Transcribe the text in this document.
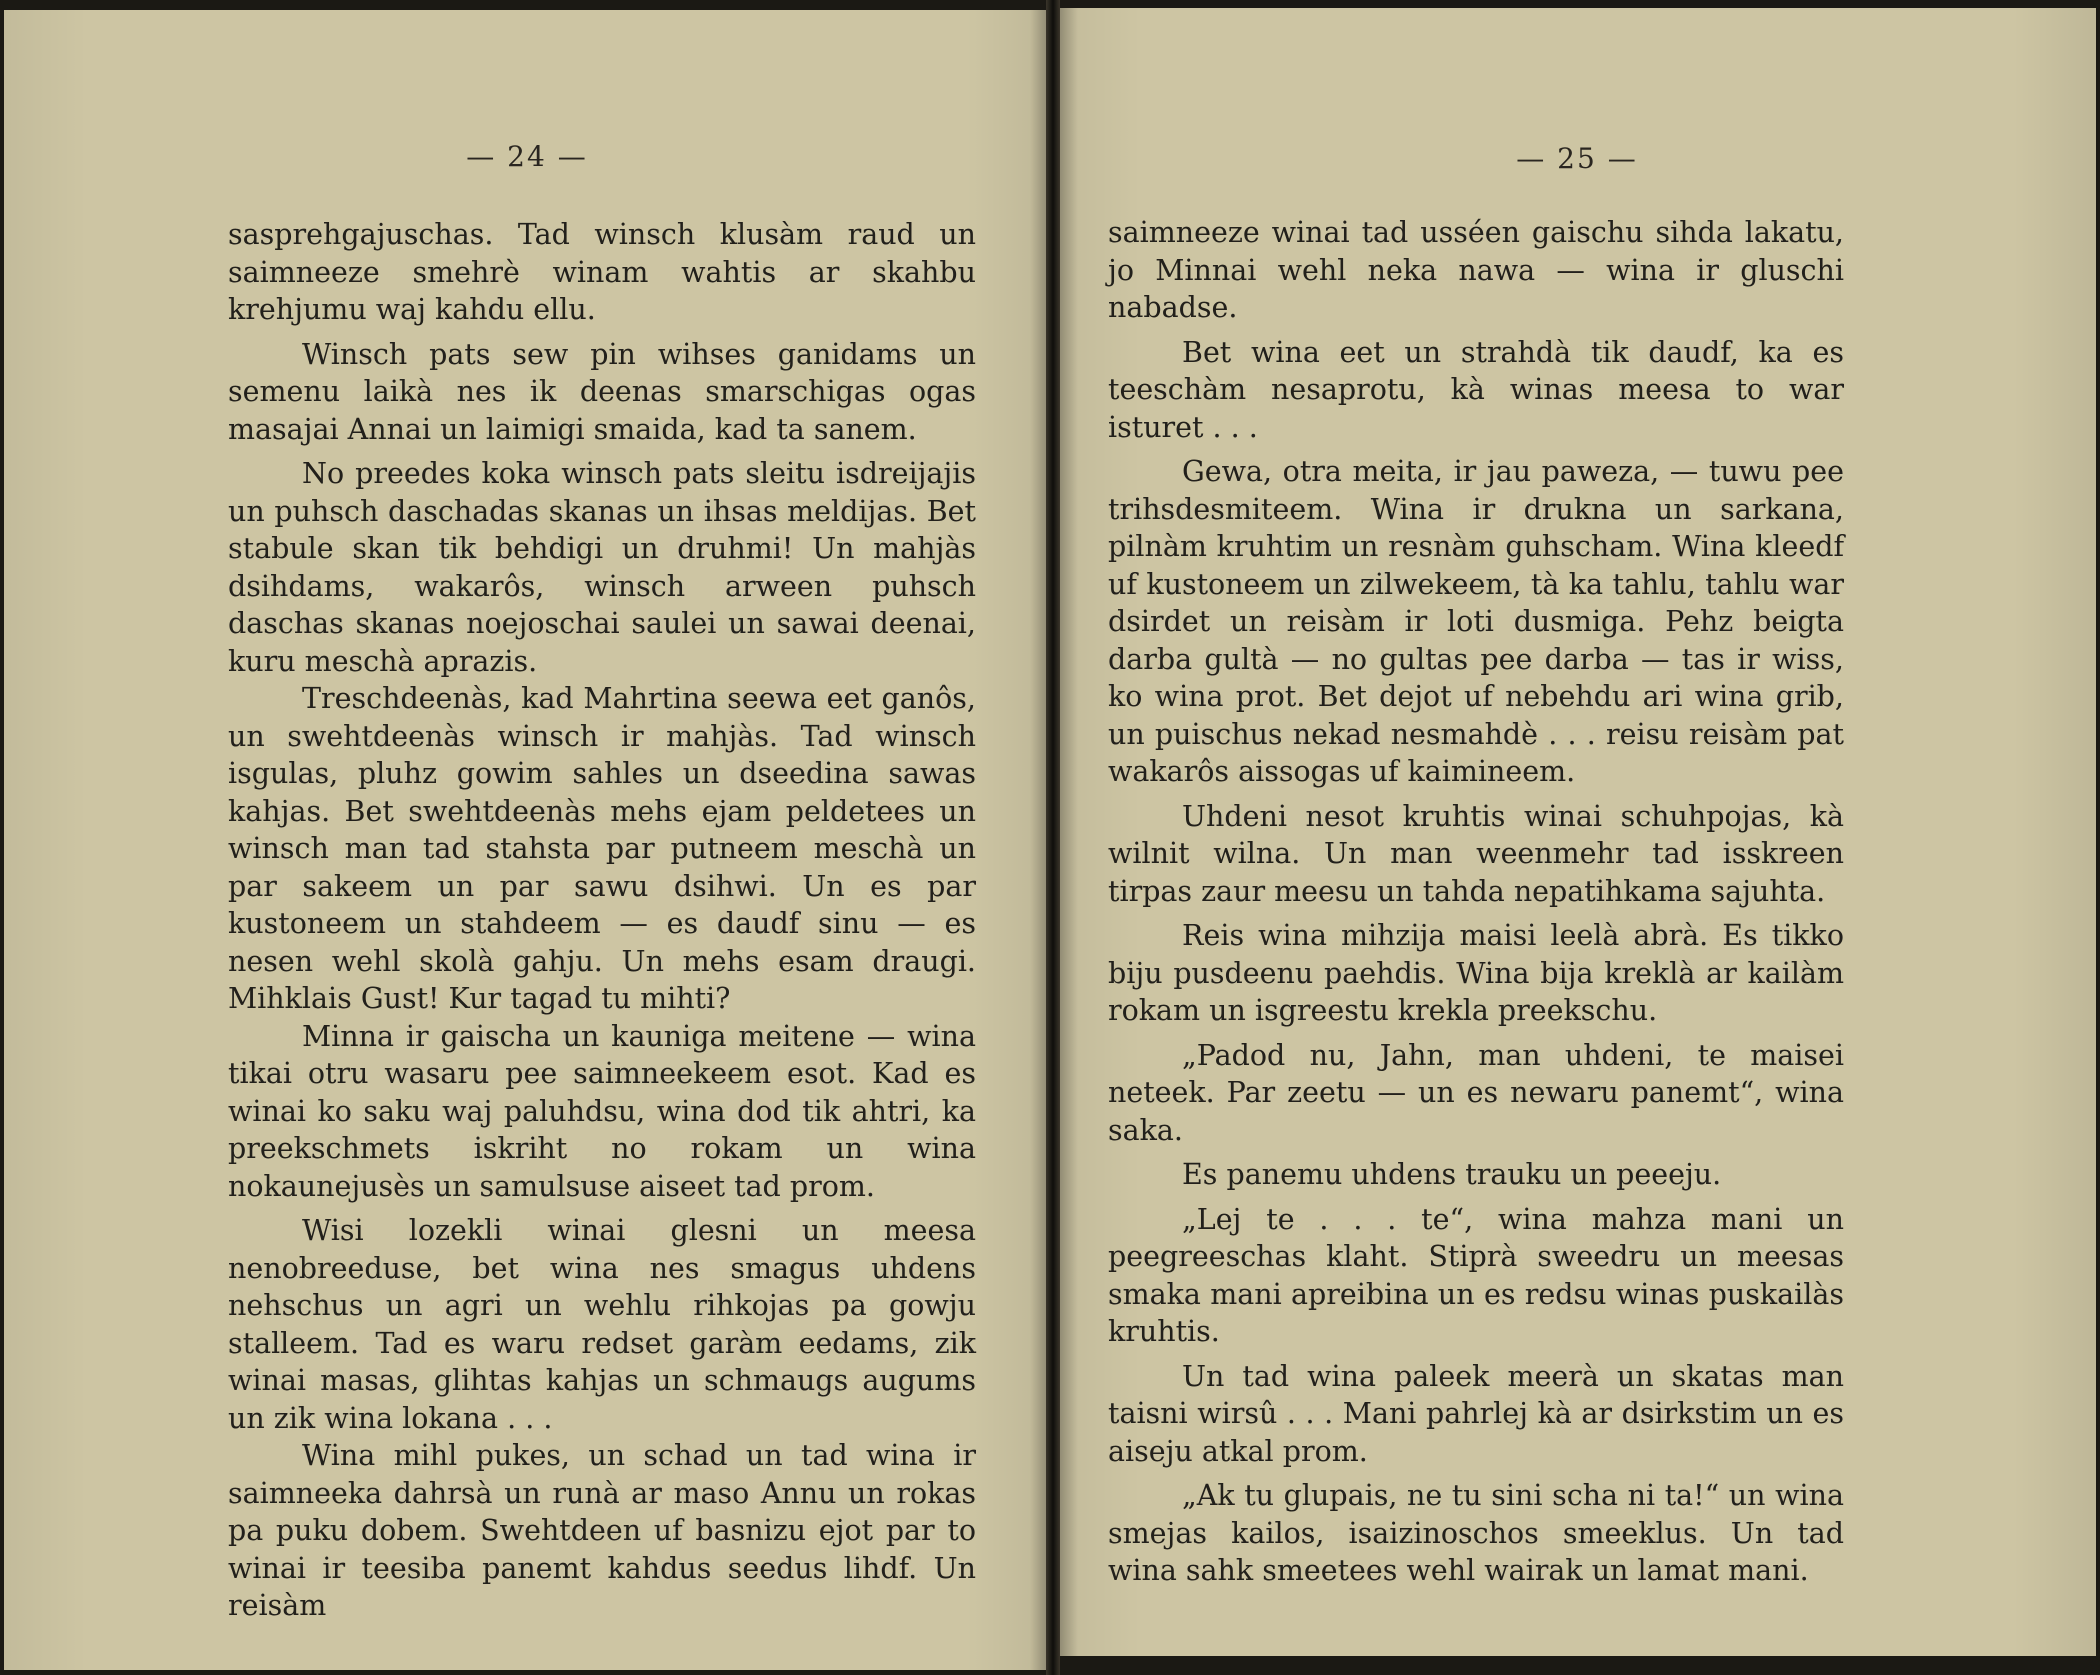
— 24 —	— 25 —

sasprehgajuschas. Tad winsch klusàm raud un saimneeze smehrè winam wahtis ar skahbu krehjumu waj kahdu ellu.

Winsch pats sew pin wihses ganidams un semenu laikà nes ik deenas smarschigas ogas masajai Annai un laimigi smaida, kad ta sanem.

No preedes koka winsch pats sleitu isdreijajis un puhsch daschadas skanas un ihsas meldijas. Bet stabule skan tik behdigi un druhmi! Un mahjàs dsihdams, wakarôs, winsch arween puhsch daschas skanas noejoschai saulei un sawai deenai, kuru meschà aprazis.

Treschdeenàs, kad Mahrtina seewa eet ganôs, un swehtdeenàs winsch ir mahjàs. Tad winsch isgulas, pluhz gowim sahles un dseedina sawas kahjas. Bet swehtdeenàs mehs ejam peldetees un winsch man tad stahsta par putneem meschà un par sakeem un par sawu dsihwi. Un es par kustoneem un stahdeem — es daudf sinu — es nesen wehl skolà gahju. Un mehs esam draugi. Mihklais Gust! Kur tagad tu mihti?

Minna ir gaischa un kauniga meitene — wina tikai otru wasaru pee saimneekeem esot. Kad es winai ko saku waj paluhdsu, wina dod tik ahtri, ka preekschmets iskriht no rokam un wina nokaunejusès un samulsuse aiseet tad prom.

Wisi lozekli winai glesni un meesa nenobreeduse, bet wina nes smagus uhdens nehschus un agri un wehlu rihkojas pa gowju stalleem. Tad es waru redset garàm eedams, zik winai masas, glihtas kahjas un schmaugs augums un zik wina lokana . . .

Wina mihl pukes, un schad un tad wina ir saimneeka dahrsà un runà ar maso Annu un rokas pa puku dobem. Swehtdeen uf basnizu ejot par to winai ir teesiba panemt kahdus seedus lihdf. Un reisàm

saimneeze winai tad usséen gaischu sihda lakatu, jo Minnai wehl neka nawa — wina ir gluschi nabadse.

Bet wina eet un strahdà tik daudf, ka es teeschàm nesaprotu, kà winas meesa to war isturet . . .

Gewa, otra meita, ir jau paweza, — tuwu pee trihsdesmiteem. Wina ir drukna un sarkana, pilnàm kruhtim un resnàm guhscham. Wina kleedf uf kustoneem un zilwekeem, tà ka tahlu, tahlu war dsirdet un reisàm ir loti dusmiga. Pehz beigta darba gultà — no gultas pee darba — tas ir wiss, ko wina prot. Bet dejot uf nebehdu ari wina grib, un puischus nekad nesmahdè . . . reisu reisàm pat wakarôs aissogas uf kaimineem.

Uhdeni nesot kruhtis winai schuhpojas, kà wilnit wilna. Un man weenmehr tad isskreen tirpas zaur meesu un tahda nepatihkama sajuhta.

Reis wina mihzija maisi leelà abrà. Es tikko biju pusdeenu paehdis. Wina bija kreklà ar kailàm rokam un isgreestu krekla preekschu.

„Padod nu, Jahn, man uhdeni, te maisei neteek. Par zeetu — un es newaru panemt“, wina saka.

Es panemu uhdens trauku un peeeju.

„Lej te . . . te“, wina mahza mani un peegreeschas klaht. Stiprà sweedru un meesas smaka mani apreibina un es redsu winas puskailàs kruhtis.

Un tad wina paleek meerà un skatas man taisni wirsû . . . Mani pahrlej kà ar dsirkstim un es aiseju atkal prom.

„Ak tu glupais, ne tu sini scha ni ta!“ un wina smejas kailos, isaizinoschos smeeklus. Un tad wina sahk smeetees wehl wairak un lamat mani.
